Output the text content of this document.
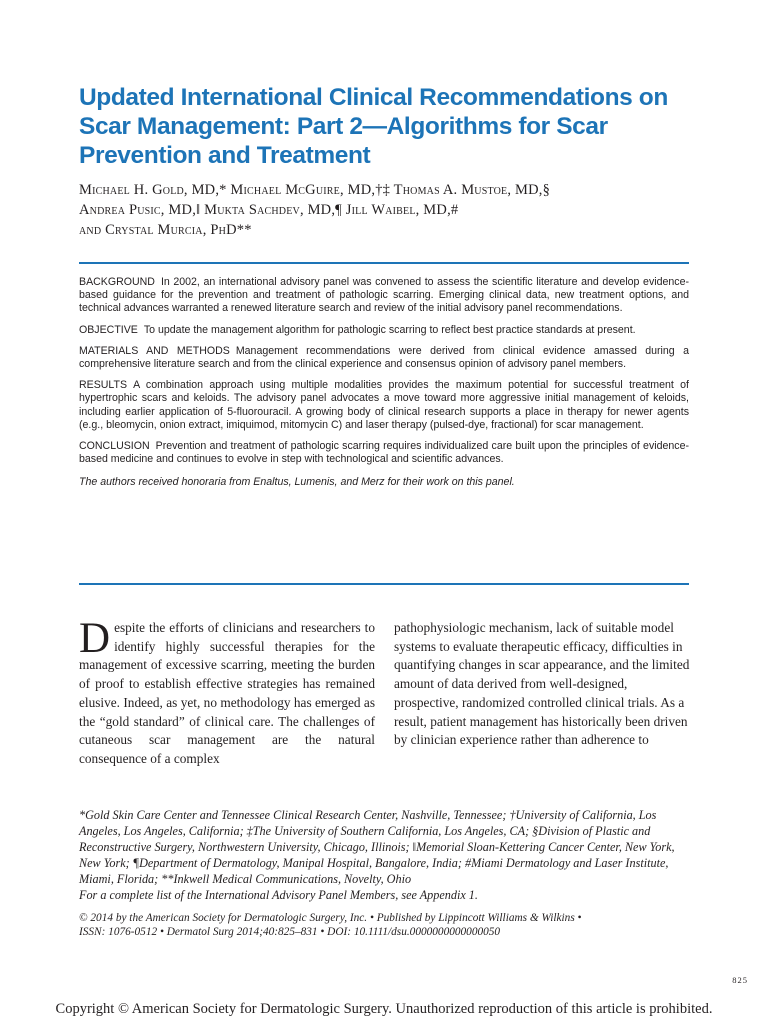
Updated International Clinical Recommendations on Scar Management: Part 2—Algorithms for Scar Prevention and Treatment
Michael H. Gold, MD,* Michael McGuire, MD,†‡ Thomas A. Mustoe, MD,§
Andrea Pusic, MD,‖ Mukta Sachdev, MD,¶ Jill Waibel, MD,#
and Crystal Murcia, PhD**

BACKGROUND In 2002, an international advisory panel was convened to assess the scientific literature and develop evidence-based guidance for the prevention and treatment of pathologic scarring. Emerging clinical data, new treatment options, and technical advances warranted a renewed literature search and review of the initial advisory panel recommendations.

OBJECTIVE To update the management algorithm for pathologic scarring to reflect best practice standards at present.

MATERIALS AND METHODS Management recommendations were derived from clinical evidence amassed during a comprehensive literature search and from the clinical experience and consensus opinion of advisory panel members.

RESULTS A combination approach using multiple modalities provides the maximum potential for successful treatment of hypertrophic scars and keloids. The advisory panel advocates a move toward more aggressive initial management of keloids, including earlier application of 5-fluorouracil. A growing body of clinical research supports a place in therapy for newer agents (e.g., bleomycin, onion extract, imiquimod, mitomycin C) and laser therapy (pulsed-dye, fractional) for scar management.

CONCLUSION Prevention and treatment of pathologic scarring requires individualized care built upon the principles of evidence-based medicine and continues to evolve in step with technological and scientific advances.

The authors received honoraria from Enaltus, Lumenis, and Merz for their work on this panel.

Despite the efforts of clinicians and researchers to identify highly successful therapies for the management of excessive scarring, meeting the burden of proof to establish effective strategies has remained elusive. Indeed, as yet, no methodology has emerged as the “gold standard” of clinical care. The challenges of cutaneous scar management are the natural consequence of a complex

pathophysiologic mechanism, lack of suitable model systems to evaluate therapeutic efficacy, difficulties in quantifying changes in scar appearance, and the limited amount of data derived from well-designed, prospective, randomized controlled clinical trials. As a result, patient management has historically been driven by clinician experience rather than adherence to

*Gold Skin Care Center and Tennessee Clinical Research Center, Nashville, Tennessee; †University of California, Los Angeles, Los Angeles, California; ‡The University of Southern California, Los Angeles, CA; §Division of Plastic and Reconstructive Surgery, Northwestern University, Chicago, Illinois; ‖Memorial Sloan-Kettering Cancer Center, New York, New York; ¶Department of Dermatology, Manipal Hospital, Bangalore, India; #Miami Dermatology and Laser Institute, Miami, Florida; **Inkwell Medical Communications, Novelty, Ohio

For a complete list of the International Advisory Panel Members, see Appendix 1.

© 2014 by the American Society for Dermatologic Surgery, Inc. • Published by Lippincott Williams & Wilkins •
ISSN: 1076-0512 • Dermatol Surg 2014;40:825–831 • DOI: 10.1111/dsu.0000000000000050

825

Copyright © American Society for Dermatologic Surgery. Unauthorized reproduction of this article is prohibited.
